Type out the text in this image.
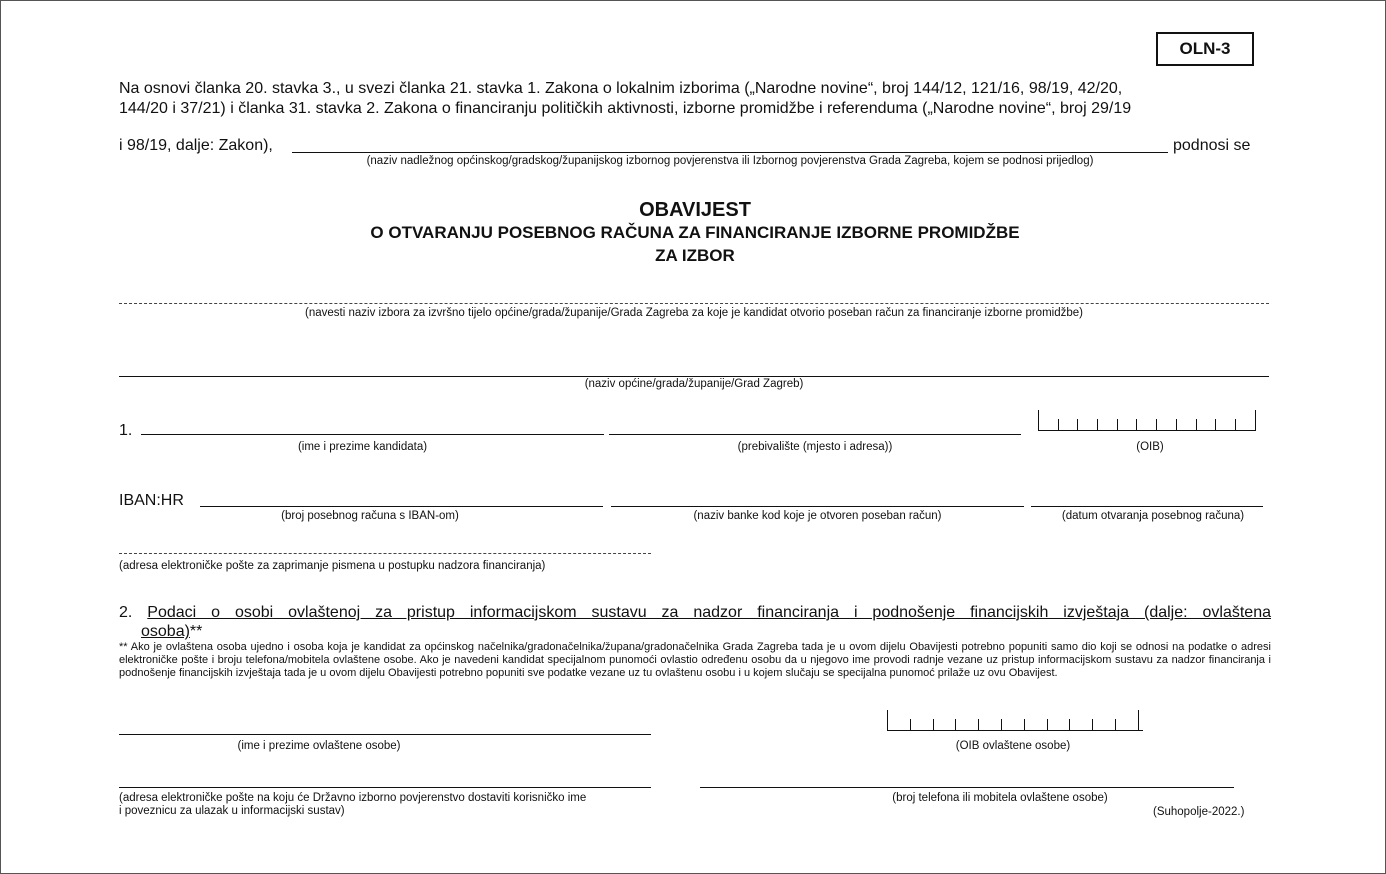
OLN-3
Na osnovi članka 20. stavka 3., u svezi članka 21. stavka 1. Zakona o lokalnim izborima („Narodne novine“, broj 144/12, 121/16, 98/19, 42/20,
144/20 i 37/21) i članka 31. stavka 2. Zakona o financiranju političkih aktivnosti, izborne promidžbe i referenduma („Narodne novine“, broj 29/19
i 98/19, dalje: Zakon),	podnosi se
(naziv nadležnog općinskog/gradskog/županijskog izbornog povjerenstva ili Izbornog povjerenstva Grada Zagreba, kojem se podnosi prijedlog)
OBAVIJEST
O OTVARANJU POSEBNOG RAČUNA ZA FINANCIRANJE IZBORNE PROMIDŽBE
ZA IZBOR
(navesti naziv izbora za izvršno tijelo općine/grada/županije/Grada Zagreba za koje je kandidat otvorio poseban račun za financiranje izborne promidžbe)
(naziv općine/grada/županije/Grad Zagreb)
1.
(ime i prezime kandidata)	(prebivalište (mjesto i adresa))	(OIB)
IBAN:HR
(broj posebnog računa s IBAN-om)	(naziv banke kod koje je otvoren poseban račun)	(datum otvaranja posebnog računa)
(adresa elektroničke pošte za zaprimanje pismena u postupku nadzora financiranja)
2. Podaci o osobi ovlaštenoj za pristup informacijskom sustavu za nadzor financiranja i podnošenje financijskih izvještaja (dalje: ovlaštena
osoba)**
** Ako je ovlaštena osoba ujedno i osoba koja je kandidat za općinskog načelnika/gradonačelnika/župana/gradonačelnika Grada Zagreba tada je u ovom dijelu Obavijesti potrebno popuniti samo dio koji se odnosi na podatke o adresi elektroničke pošte i broju telefona/mobitela ovlaštene osobe. Ako je navedeni kandidat specijalnom punomoći ovlastio određenu osobu da u njegovo ime provodi radnje vezane uz pristup informacijskom sustavu za nadzor financiranja i podnošenje financijskih izvještaja tada je u ovom dijelu Obavijesti potrebno popuniti sve podatke vezane uz tu ovlaštenu osobu i u kojem slučaju se specijalna punomoć prilaže uz ovu Obavijest.
(ime i prezime ovlaštene osobe)	(OIB ovlaštene osobe)
(adresa elektroničke pošte na koju će Državno izborno povjerenstvo dostaviti korisničko ime
i poveznicu za ulazak u informacijski sustav)
(broj telefona ili mobitela ovlaštene osobe)
(Suhopolje-2022.)
